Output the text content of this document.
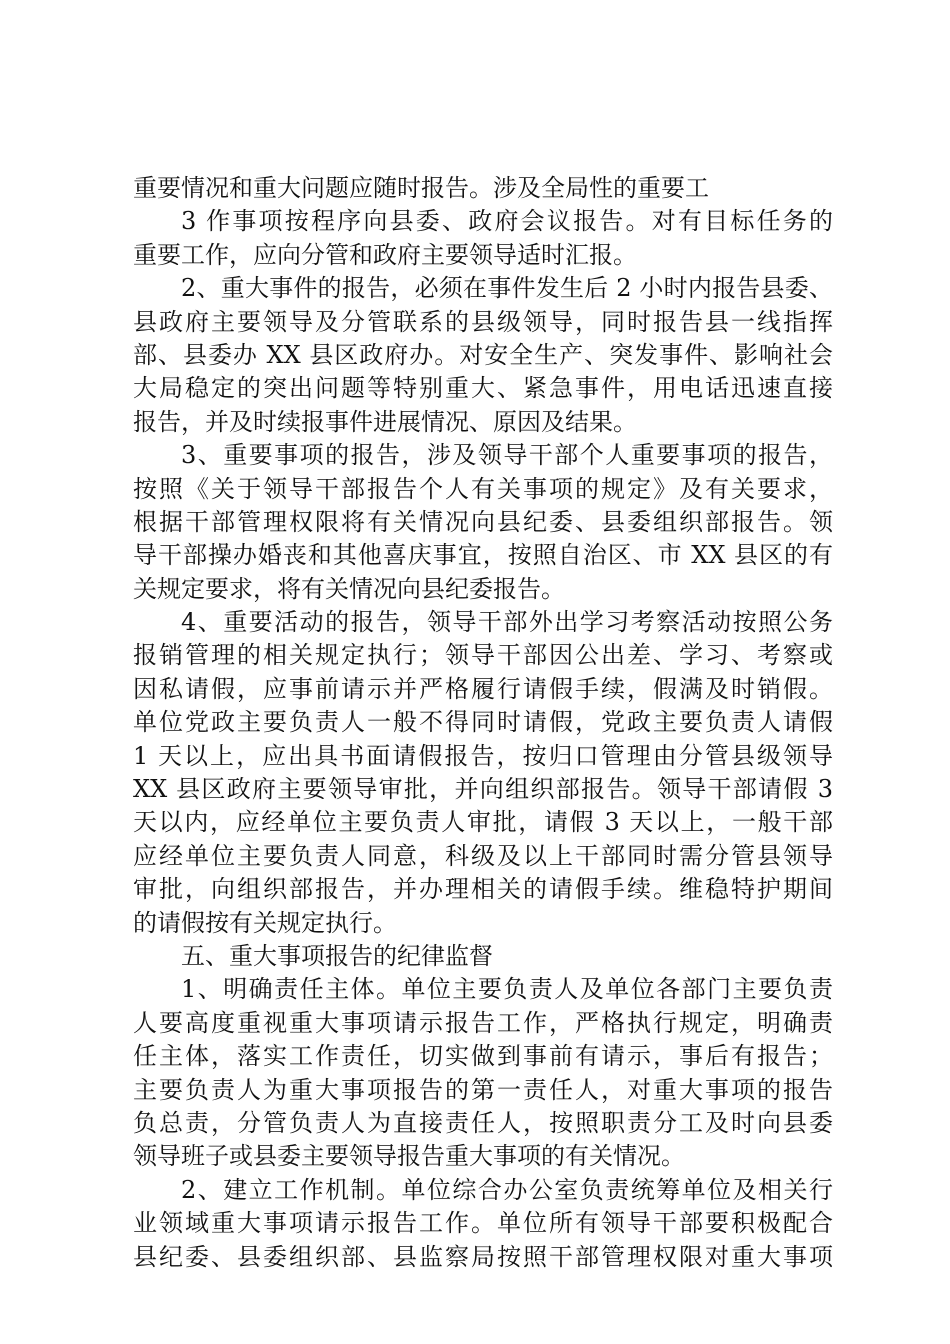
重要情况和重大问题应随时报告。涉及全局性的重要工
3 作事项按程序向县委、政府会议报告。对有目标任务的
重要工作，应向分管和政府主要领导适时汇报。
2、重大事件的报告，必须在事件发生后 2 小时内报告县委、
县政府主要领导及分管联系的县级领导，同时报告县一线指挥
部、县委办 XX 县区政府办。对安全生产、突发事件、影响社会
大局稳定的突出问题等特别重大、紧急事件，用电话迅速直接
报告，并及时续报事件进展情况、原因及结果。
3、重要事项的报告，涉及领导干部个人重要事项的报告，
按照《关于领导干部报告个人有关事项的规定》及有关要求，
根据干部管理权限将有关情况向县纪委、县委组织部报告。领
导干部操办婚丧和其他喜庆事宜，按照自治区、市 XX 县区的有
关规定要求，将有关情况向县纪委报告。
4、重要活动的报告，领导干部外出学习考察活动按照公务
报销管理的相关规定执行；领导干部因公出差、学习、考察或
因私请假，应事前请示并严格履行请假手续，假满及时销假。
单位党政主要负责人一般不得同时请假，党政主要负责人请假
1 天以上，应出具书面请假报告，按归口管理由分管县级领导
XX 县区政府主要领导审批，并向组织部报告。领导干部请假 3
天以内，应经单位主要负责人审批，请假 3 天以上，一般干部
应经单位主要负责人同意，科级及以上干部同时需分管县领导
审批，向组织部报告，并办理相关的请假手续。维稳特护期间
的请假按有关规定执行。
五、重大事项报告的纪律监督
1、明确责任主体。单位主要负责人及单位各部门主要负责
人要高度重视重大事项请示报告工作，严格执行规定，明确责
任主体，落实工作责任，切实做到事前有请示，事后有报告；
主要负责人为重大事项报告的第一责任人，对重大事项的报告
负总责，分管负责人为直接责任人，按照职责分工及时向县委
领导班子或县委主要领导报告重大事项的有关情况。
2、建立工作机制。单位综合办公室负责统筹单位及相关行
业领域重大事项请示报告工作。单位所有领导干部要积极配合
县纪委、县委组织部、县监察局按照干部管理权限对重大事项
